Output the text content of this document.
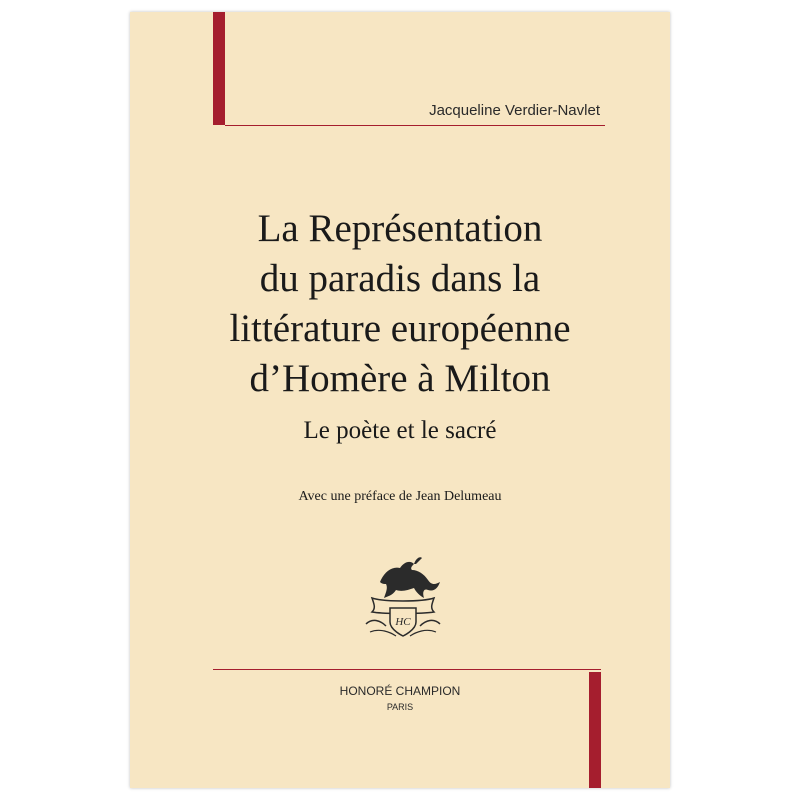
Jacqueline Verdier-Navlet
La Représentation
du paradis dans la
littérature européenne
d’Homère à Milton
Le poète et le sacré
Avec une préface de Jean Delumeau
HC
HONORÉ CHAMPION
PARIS
